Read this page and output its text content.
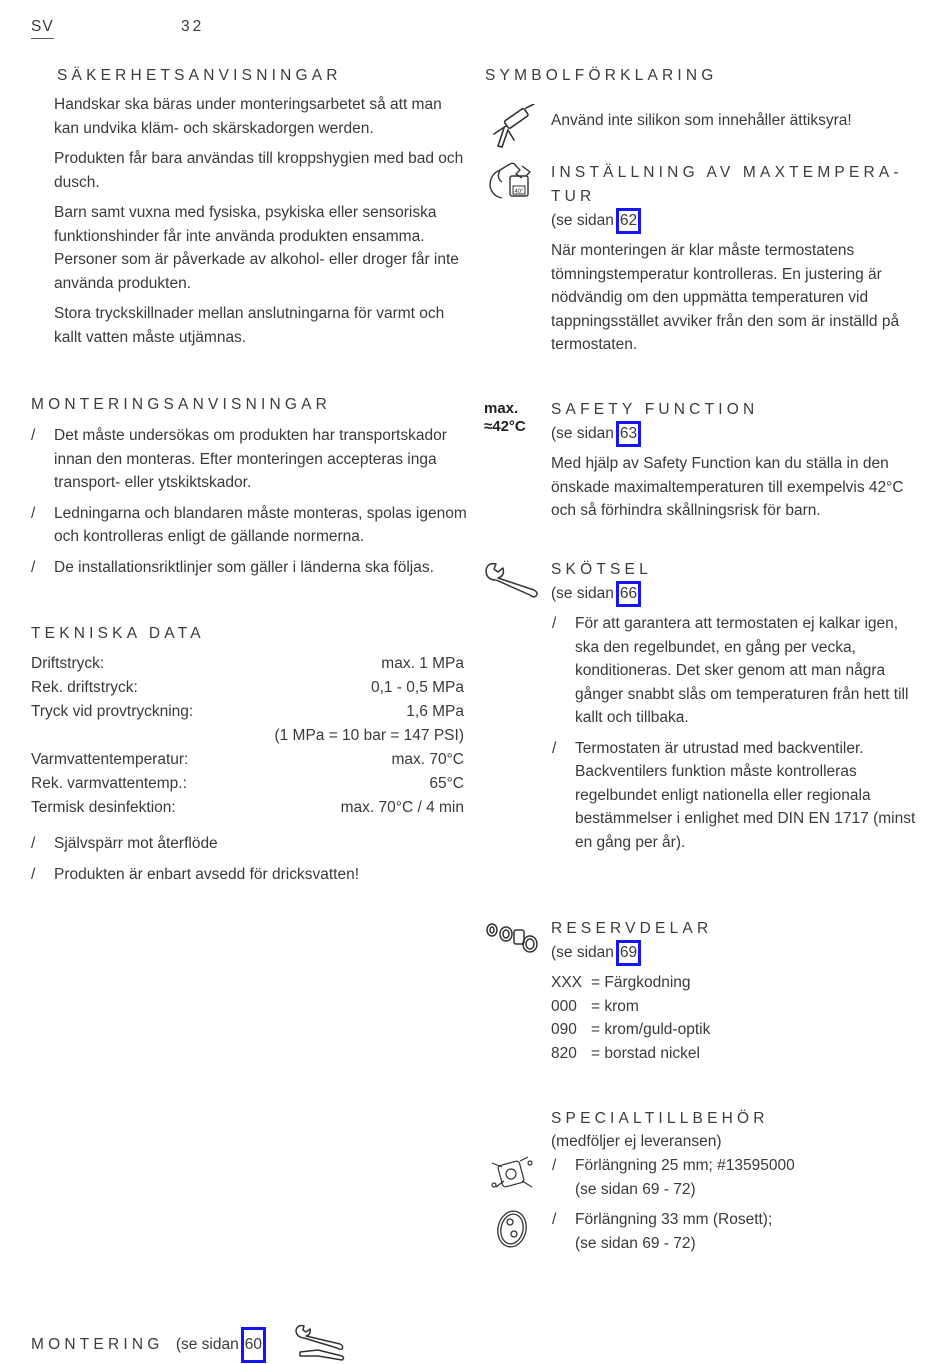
SV	32
SÄKERHETSANVISNINGAR

Handskar ska bäras under monteringsarbetet så att man kan undvika kläm- och skärskadorgen werden.

Produkten får bara användas till kroppshygien med bad och dusch.

Barn samt vuxna med fysiska, psykiska eller sensoriska funktionshinder får inte använda produkten ensamma. Personer som är påverkade av alkohol- eller droger får inte använda produkten.

Stora tryckskillnader mellan anslutningarna för varmt och kallt vatten måste utjämnas.

MONTERINGSANVISNINGAR
/ Det måste undersökas om produkten har transportskador innan den monteras. Efter monteringen accepteras inga transport- eller ytskiktskador.
/ Ledningarna och blandaren måste monteras, spolas igenom och kontrolleras enligt de gällande normerna.
/ De installationsriktlinjer som gäller i länderna ska följas.
TEKNISKA DATA
Driftstryck:	max. 1 MPa
Rek. driftstryck:	0,1 - 0,5 MPa
Tryck vid provtryckning:	1,6 MPa
(1 MPa = 10 bar = 147 PSI)
Varmvattentemperatur:	max. 70°C
Rek. varmvattentemp.:	65°C
Termisk desinfektion:	max. 70°C / 4 min
/ Självspärr mot återflöde
/ Produkten är enbart avsedd för dricksvatten!
SYMBOLFÖRKLARING
Använd inte silikon som innehåller ättiksyra!
40°
INSTÄLLNING AV MAXTEMPERA-
TUR
(se sidan 62
När monteringen är klar måste termostatens tömningstemperatur kontrolleras. En justering är nödvändig om den uppmätta temperaturen vid tappningsstället avviker från den som är inställd på termostaten.
max.
≈42°C
SAFETY FUNCTION
(se sidan 63
Med hjälp av Safety Function kan du ställa in den önskade maximaltemperaturen till exempelvis 42°C och så förhindra skållningsrisk för barn.
SKÖTSEL
(se sidan 66
/ För att garantera att termostaten ej kalkar igen, ska den regelbundet, en gång per vecka, konditioneras. Det sker genom att man några gånger snabbt slås om temperaturen från hett till kallt och tillbaka.
/ Termostaten är utrustad med backventiler. Backventilers funktion måste kontrolleras regelbundet enligt nationella eller regionala bestämmelser i enlighet med DIN EN 1717 (minst en gång per år).
RESERVDELAR
(se sidan 69
XXX = Färgkodning
000 = krom
090 = krom/guld-optik
820 = borstad nickel
SPECIALTILLBEHÖR
(medföljer ej leveransen)
/ Förlängning 25 mm; #13595000
(se sidan 69 - 72)
/ Förlängning 33 mm (Rosett);
(se sidan 69 - 72)
MONTERING (se sidan 60
